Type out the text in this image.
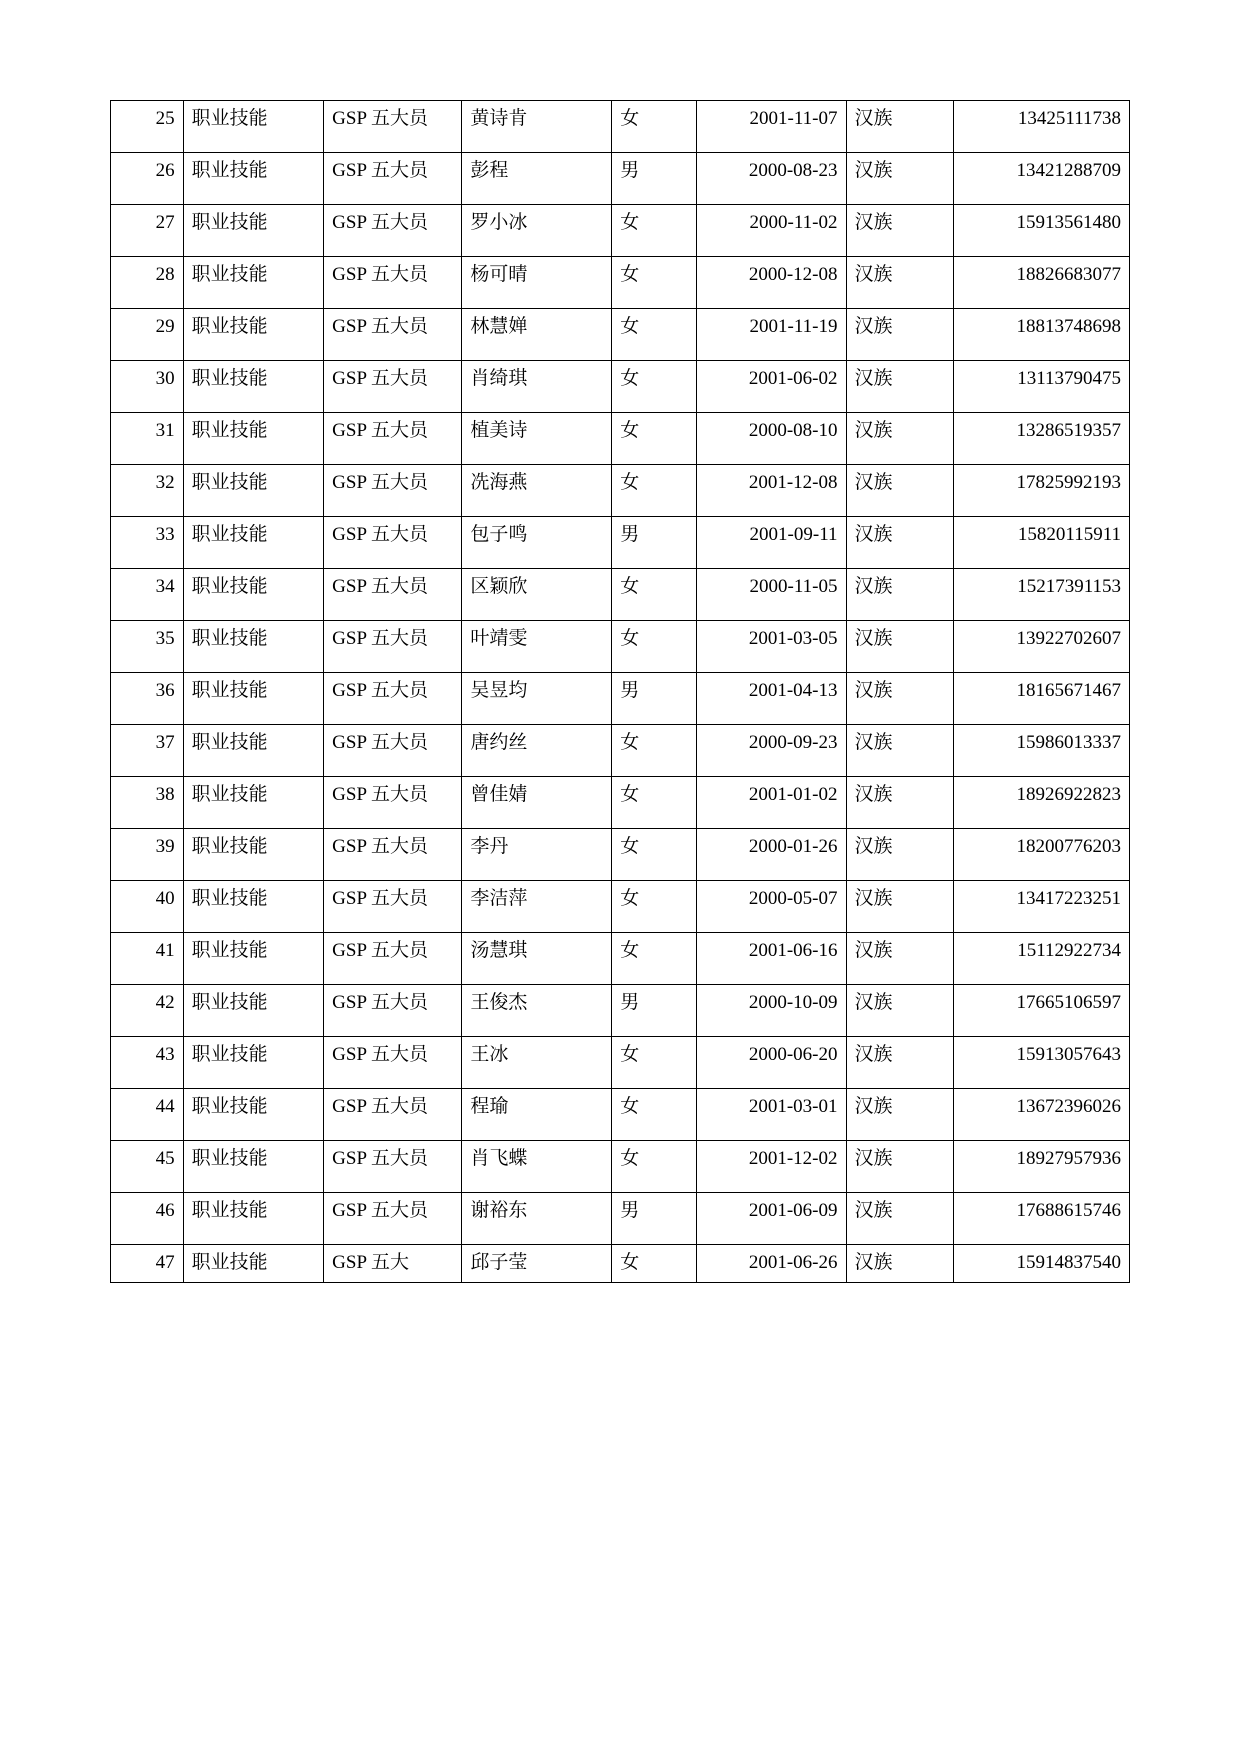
25	职业技能	GSP 五大员	黄诗肯	女	2001-11-07	汉族	13425111738
26	职业技能	GSP 五大员	彭程	男	2000-08-23	汉族	13421288709
27	职业技能	GSP 五大员	罗小冰	女	2000-11-02	汉族	15913561480
28	职业技能	GSP 五大员	杨可晴	女	2000-12-08	汉族	18826683077
29	职业技能	GSP 五大员	林慧婵	女	2001-11-19	汉族	18813748698
30	职业技能	GSP 五大员	肖绮琪	女	2001-06-02	汉族	13113790475
31	职业技能	GSP 五大员	植美诗	女	2000-08-10	汉族	13286519357
32	职业技能	GSP 五大员	冼海燕	女	2001-12-08	汉族	17825992193
33	职业技能	GSP 五大员	包子鸣	男	2001-09-11	汉族	15820115911
34	职业技能	GSP 五大员	区颖欣	女	2000-11-05	汉族	15217391153
35	职业技能	GSP 五大员	叶靖雯	女	2001-03-05	汉族	13922702607
36	职业技能	GSP 五大员	吴昱均	男	2001-04-13	汉族	18165671467
37	职业技能	GSP 五大员	唐约丝	女	2000-09-23	汉族	15986013337
38	职业技能	GSP 五大员	曾佳婧	女	2001-01-02	汉族	18926922823
39	职业技能	GSP 五大员	李丹	女	2000-01-26	汉族	18200776203
40	职业技能	GSP 五大员	李洁萍	女	2000-05-07	汉族	13417223251
41	职业技能	GSP 五大员	汤慧琪	女	2001-06-16	汉族	15112922734
42	职业技能	GSP 五大员	王俊杰	男	2000-10-09	汉族	17665106597
43	职业技能	GSP 五大员	王冰	女	2000-06-20	汉族	15913057643
44	职业技能	GSP 五大员	程瑜	女	2001-03-01	汉族	13672396026
45	职业技能	GSP 五大员	肖飞蝶	女	2001-12-02	汉族	18927957936
46	职业技能	GSP 五大员	谢裕东	男	2001-06-09	汉族	17688615746
47	职业技能	GSP 五大	邱子莹	女	2001-06-26	汉族	15914837540
